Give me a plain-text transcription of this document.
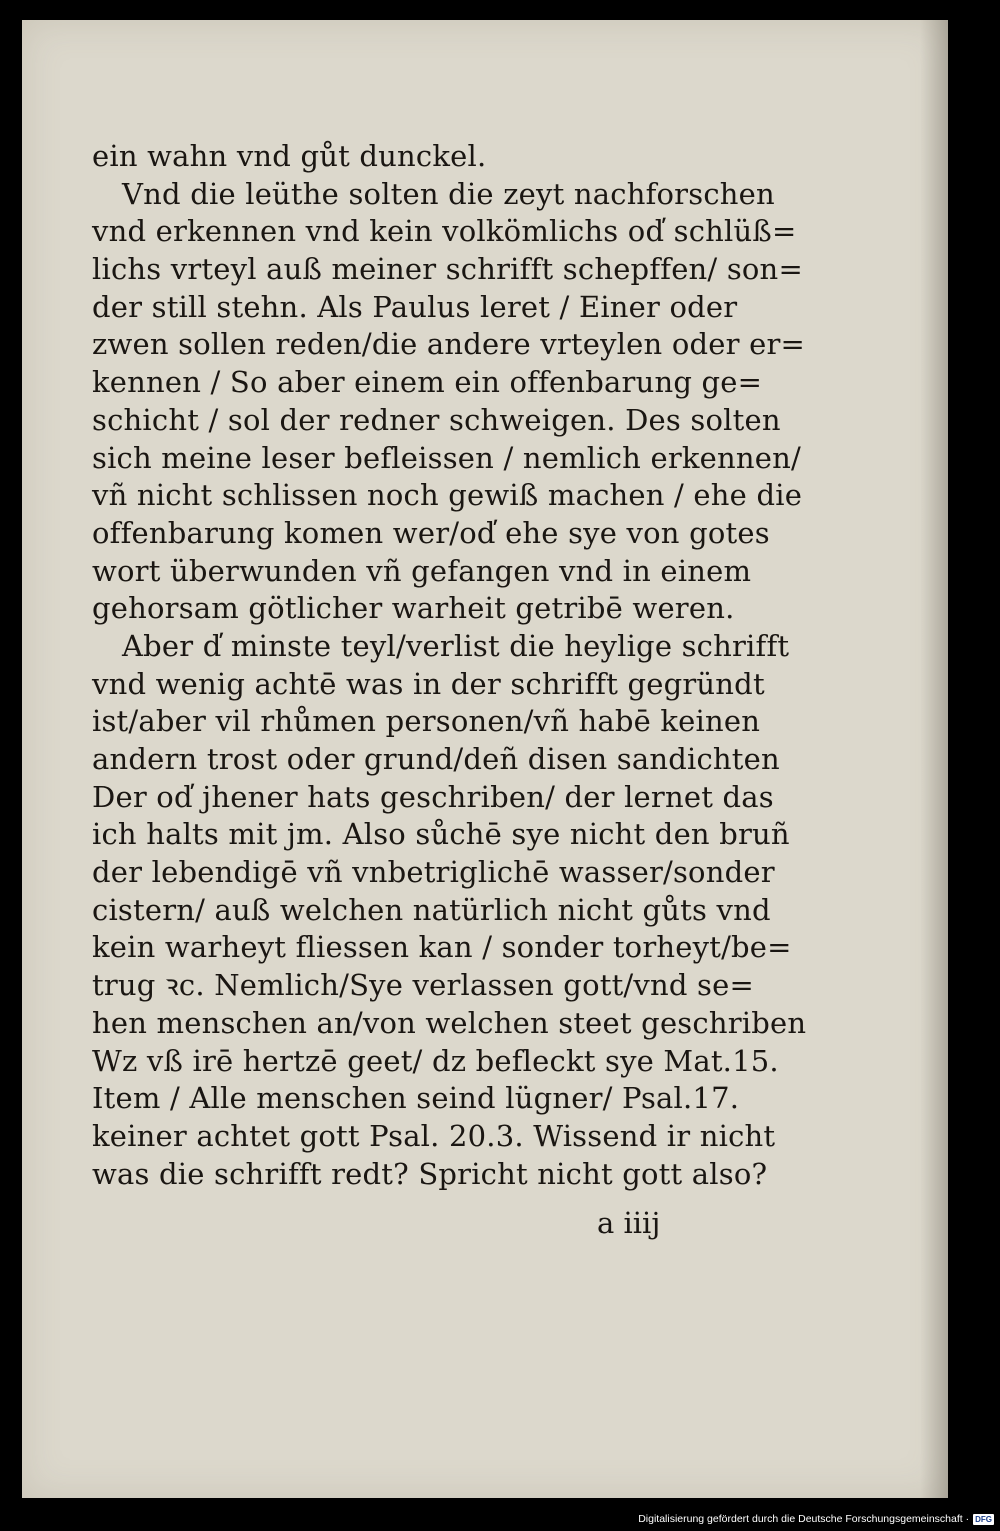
ein wahn vnd gůt dunckel.
Vnd die leüthe solten die zeyt nachforschen
vnd erkennen vnd kein volkömlichs od̕ schlüß=
lichs vrteyl auß meiner schrifft schepffen/ son=
der still stehn. Als Paulus leret / Einer oder
zwen sollen reden/die andere vrteylen oder er=
kennen / So aber einem ein offenbarung ge=
schicht / sol der redner schweigen. Des solten
sich meine leser befleissen / nemlich erkennen/
vñ nicht schlissen noch gewiß machen / ehe die
offenbarung komen wer/od̕ ehe sye von gotes
wort überwunden vñ gefangen vnd in einem
gehorsam götlicher warheit getribē weren.
Aber d̕ minste teyl/verlist die heylige schrifft
vnd wenig achtē was in der schrifft gegründt
ist/aber vil rhůmen personen/vñ habē keinen
andern trost oder grund/deñ disen sandichten
Der od̕ jhener hats geschriben/ der lernet das
ich halts mit jm. Also sůchē sye nicht den bruñ
der lebendigē vñ vnbetriglichē wasser/sonder
cistern/ auß welchen natürlich nicht gůts vnd
kein warheyt fliessen kan / sonder torheyt/be=
trug ꝛc. Nemlich/Sye verlassen gott/vnd se=
hen menschen an/von welchen steet geschriben
Wz vß irē hertzē geet/ dz befleckt sye Mat.15.
Item / Alle menschen seind lügner/ Psal.17.
keiner achtet gott Psal. 20.3. Wissend ir nicht
was die schrifft redt? Spricht nicht gott also?
a iiij
Digitalisierung gefördert durch die Deutsche Forschungsgemeinschaft · DFG
